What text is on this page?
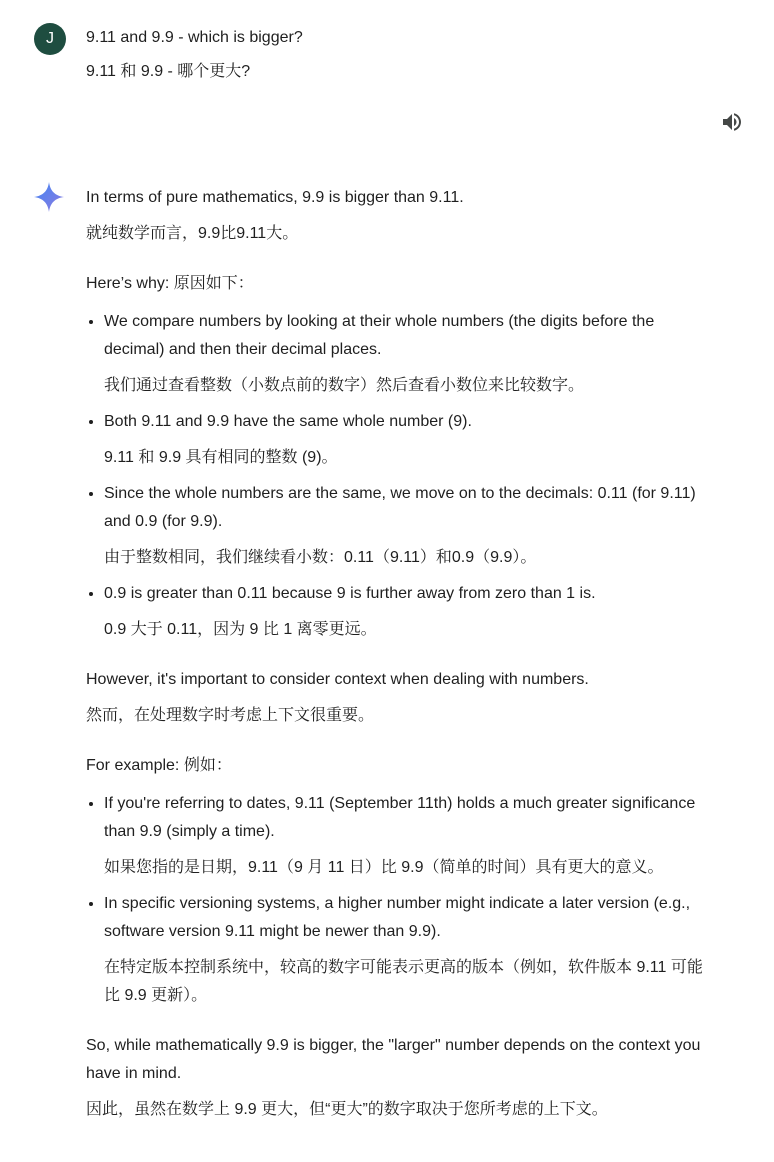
J	9.11 and 9.9 - which is bigger?

9.11 和 9.9 - 哪个更大?

In terms of pure mathematics, 9.9 is bigger than 9.11.

就纯数学而言，9.9比9.11大。

Here’s why: 原因如下：

• We compare numbers by looking at their whole numbers (the digits before the decimal) and then their decimal places.
我们通过查看整数（小数点前的数字）然后查看小数位来比较数字。
• Both 9.11 and 9.9 have the same whole number (9).
9.11 和 9.9 具有相同的整数 (9)。
• Since the whole numbers are the same, we move on to the decimals: 0.11 (for 9.11) and 0.9 (for 9.9).
由于整数相同，我们继续看小数：0.11（9.11）和0.9（9.9）。
• 0.9 is greater than 0.11 because 9 is further away from zero than 1 is.
0.9 大于 0.11，因为 9 比 1 离零更远。

However, it's important to consider context when dealing with numbers.

然而，在处理数字时考虑上下文很重要。

For example: 例如：

• If you're referring to dates, 9.11 (September 11th) holds a much greater significance than 9.9 (simply a time).
如果您指的是日期，9.11（9 月 11 日）比 9.9（简单的时间）具有更大的意义。
• In specific versioning systems, a higher number might indicate a later version (e.g., software version 9.11 might be newer than 9.9).
在特定版本控制系统中，较高的数字可能表示更高的版本（例如，软件版本 9.11 可能比 9.9 更新）。

So, while mathematically 9.9 is bigger, the "larger" number depends on the context you have in mind.

因此，虽然在数学上 9.9 更大，但“更大”的数字取决于您所考虑的上下文。
